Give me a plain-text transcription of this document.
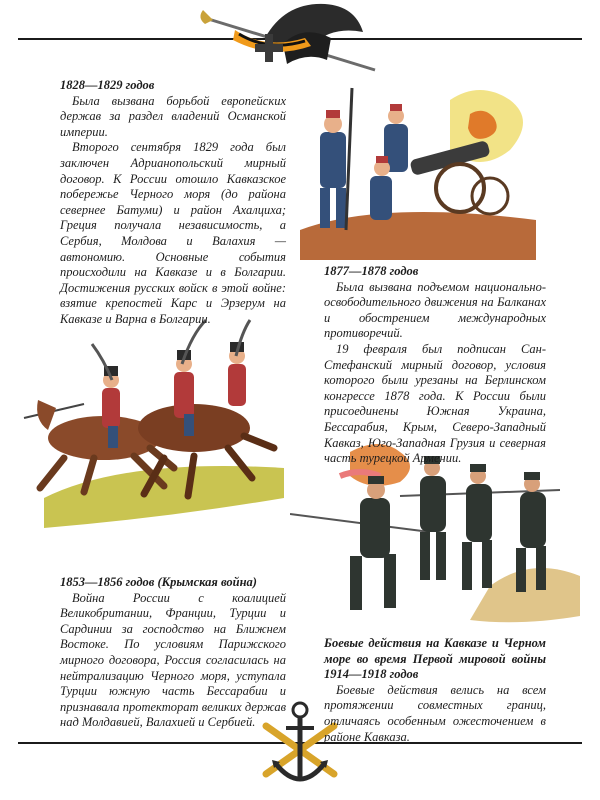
1828—1829 годов

Была вызвана борьбой европейских держав за раздел владений Османской империи.

Второго сентября 1829 года был заключен Адрианопольский мирный договор. К России отошло Кавказское побережье Черного моря (до района севернее Батуми) и район Ахалциха; Греция получала независимость, а Сербия, Молдова и Валахия — автономию. Основные события происходили на Кавказе и в Болгарии. Достижения русских войск в этой войне: взятие крепостей Карс и Эрзерум на Кавказе и Варна в Болгарии.

1877—1878 годов

Была вызвана подъемом национально-освободительного движения на Балканах и обострением международных противоречий.

19 февраля был подписан Сан-Стефанский мирный договор, условия которого были урезаны на Берлинском конгрессе 1878 года. К России были присоединены Южная Украина, Бессарабия, Крым, Северо-Западный Кавказ, Юго-Западная Грузия и северная часть турецкой Армении.

1853—1856 годов (Крымская война)

Война России с коалицией Великобритании, Франции, Турции и Сардинии за господство на Ближнем Востоке. По условиям Парижского мирного договора, Россия согласилась на нейтрализацию Черного моря, уступала Турции южную часть Бессарабии и признавала протекторат великих держав над Молдавией, Валахией и Сербией.

Боевые действия на Кавказе и Черном море во время Первой мировой войны 1914—1918 годов

Боевые действия велись на всем протяжении совместных границ, отличаясь особенным ожесточением в районе Кавказа.
